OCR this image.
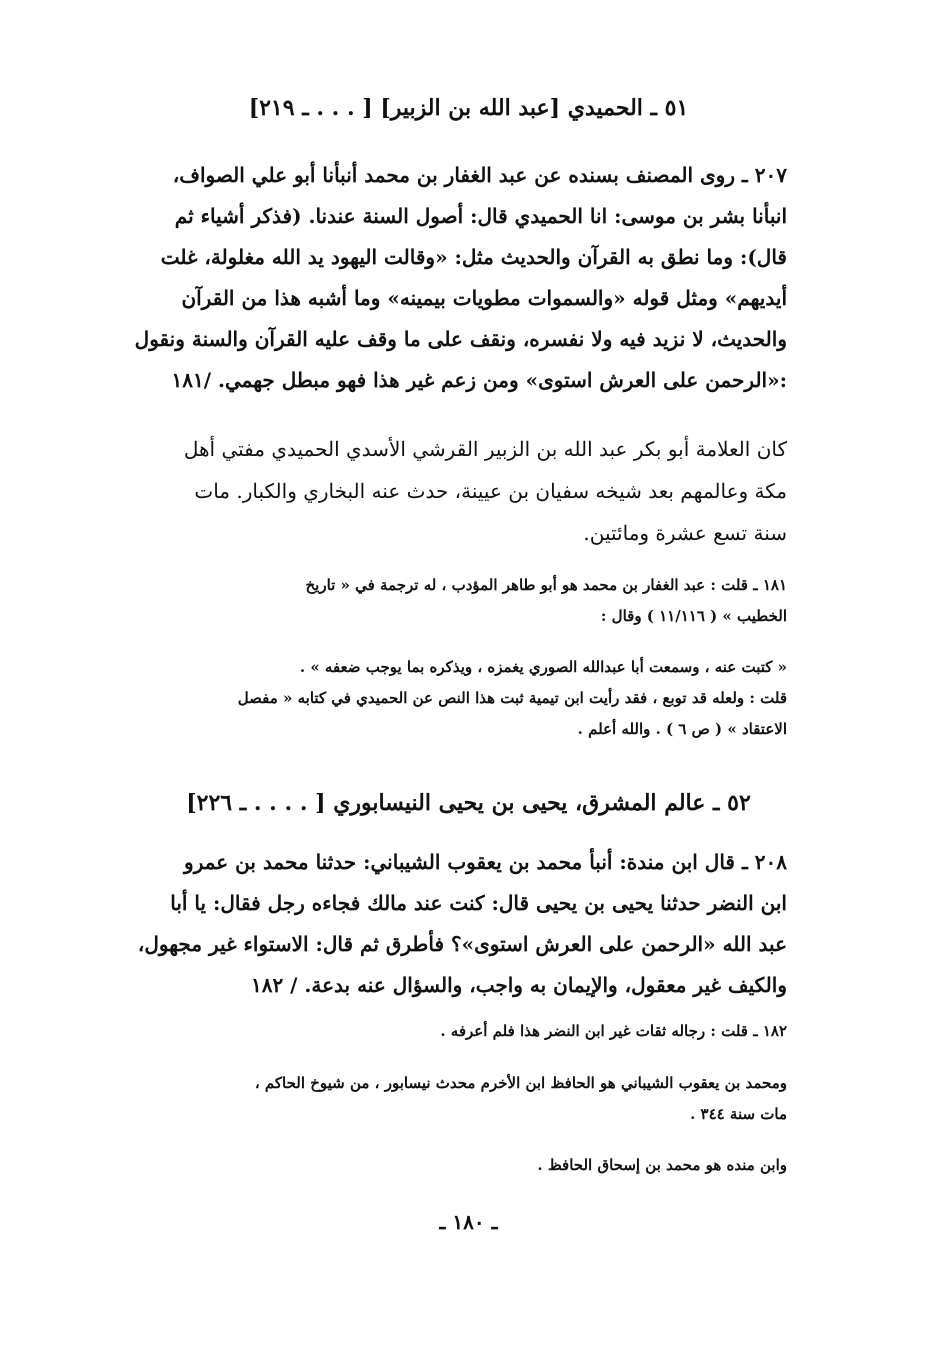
٥١ ـ الحميدي [عبد الله بن الزبير] [ . . . ـ ٢١٩]
٢٠٧ ـ روى المصنف بسنده عن عبد الغفار بن محمد أنبأنا أبو علي الصواف،
انبأنا بشر بن موسى: انا الحميدي قال: أصول السنة عندنا. (فذكر أشياء ثم
قال): وما نطق به القرآن والحديث مثل: «وقالت اليهود يد الله مغلولة، غلت
أيديهم» ومثل قوله «والسموات مطويات بيمينه» وما أشبه هذا من القرآن
والحديث، لا نزيد فيه ولا نفسره، ونقف على ما وقف عليه القرآن والسنة ونقول
:«الرحمن على العرش استوى» ومن زعم غير هذا فهو مبطل جهمي. /١٨١
كان العلامة أبو بكر عبد الله بن الزبير القرشي الأسدي الحميدي مفتي أهل
مكة وعالمهم بعد شيخه سفيان بن عيينة، حدث عنه البخاري والكبار. مات
سنة تسع عشرة ومائتين.
١٨١ ـ قلت : عبد الغفار بن محمد هو أبو طاهر المؤدب ، له ترجمة في « تاريخ
الخطيب » ( ١١/١١٦ ) وقال :
« كتبت عنه ، وسمعت أبا عبدالله الصوري يغمزه ، ويذكره بما يوجب ضعفه » .
قلت : ولعله قد توبع ، فقد رأيت ابن تيمية ثبت هذا النص عن الحميدي في كتابه « مفصل
الاعتقاد » ( ص ٦ ) . والله أعلم .
٥٢ ـ عالم المشرق، يحيى بن يحيى النيسابوري [ . . . . ـ ٢٢٦]
٢٠٨ ـ قال ابن مندة: أنبأ محمد بن يعقوب الشيباني: حدثنا محمد بن عمرو
ابن النضر حدثنا يحيى بن يحيى قال: كنت عند مالك فجاءه رجل فقال: يا أبا
عبد الله «الرحمن على العرش استوى»؟ فأطرق ثم قال: الاستواء غير مجهول،
والكيف غير معقول، والإيمان به واجب، والسؤال عنه بدعة. / ١٨٢
١٨٢ ـ قلت : رجاله ثقات غير ابن النضر هذا فلم أعرفه .
ومحمد بن يعقوب الشيباني هو الحافظ ابن الأخرم محدث نيسابور ، من شيوخ الحاكم ،
مات سنة ٣٤٤ .
وابن منده هو محمد بن إسحاق الحافظ .
ـ ١٨٠ ـ
